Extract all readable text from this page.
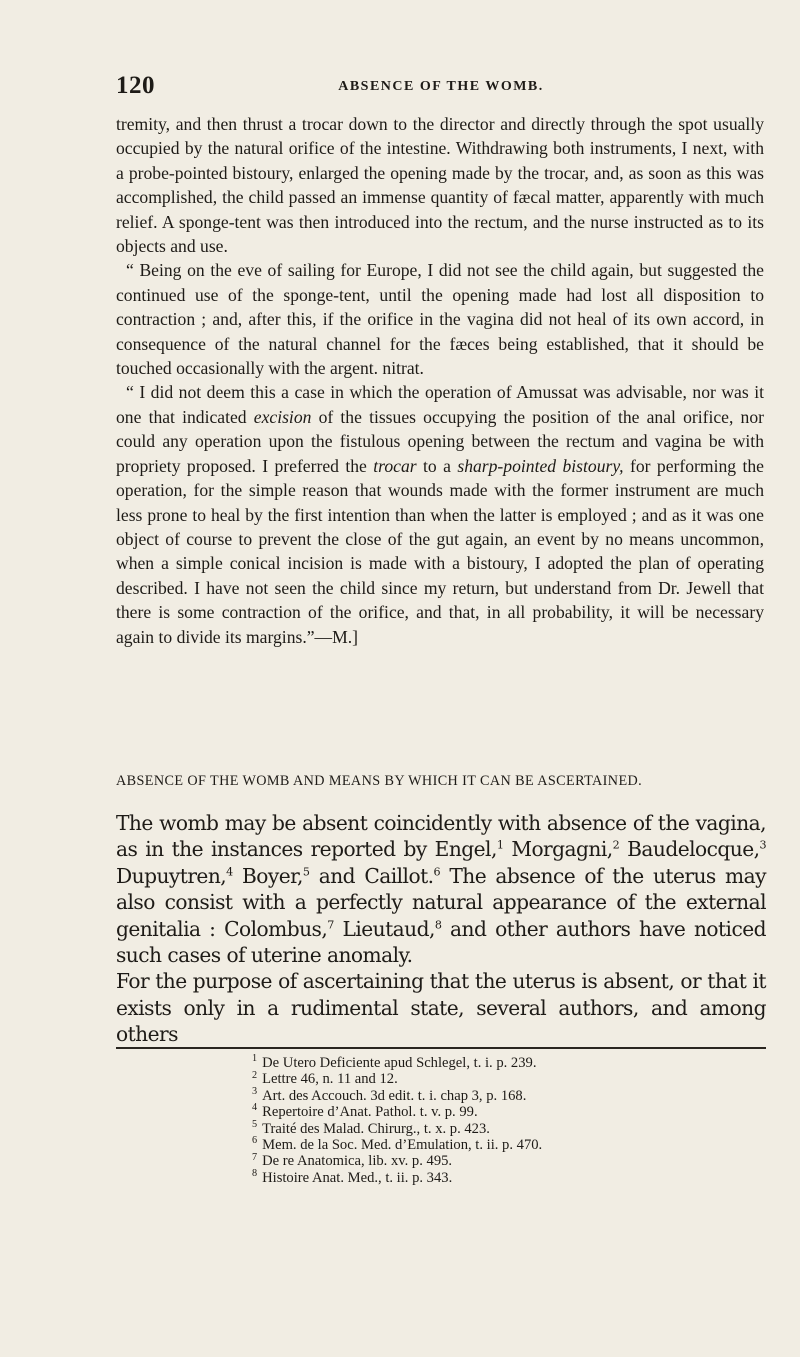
120	ABSENCE OF THE WOMB.

tremity, and then thrust a trocar down to the director and directly through the spot usually occupied by the natural orifice of the intestine. Withdrawing both instruments, I next, with a probe-pointed bistoury, enlarged the opening made by the trocar, and, as soon as this was accomplished, the child passed an immense quantity of fæcal matter, apparently with much relief. A sponge-tent was then introduced into the rectum, and the nurse instructed as to its objects and use.

“ Being on the eve of sailing for Europe, I did not see the child again, but suggested the continued use of the sponge-tent, until the opening made had lost all disposition to contraction ; and, after this, if the orifice in the vagina did not heal of its own accord, in consequence of the natural channel for the fæces being established, that it should be touched occasionally with the argent. nitrat.

“ I did not deem this a case in which the operation of Amussat was advisable, nor was it one that indicated excision of the tissues occupying the position of the anal orifice, nor could any operation upon the fistulous opening between the rectum and vagina be with propriety proposed. I preferred the trocar to a sharp-pointed bistoury, for performing the operation, for the simple reason that wounds made with the former instrument are much less prone to heal by the first intention than when the latter is employed ; and as it was one object of course to prevent the close of the gut again, an event by no means uncommon, when a simple conical incision is made with a bistoury, I adopted the plan of operating described. I have not seen the child since my return, but understand from Dr. Jewell that there is some contraction of the orifice, and that, in all probability, it will be necessary again to divide its margins.”—M.]

ABSENCE OF THE WOMB AND MEANS BY WHICH IT CAN BE ASCERTAINED.

The womb may be absent coincidently with absence of the vagina, as in the instances reported by Engel,$^1$ Morgagni,$^2$ Baudelocque,$^3$ Dupuytren,$^4$ Boyer,$^5$ and Caillot.$^6$ The absence of the uterus may also consist with a perfectly natural appearance of the external genitalia : Colombus,$^7$ Lieutaud,$^8$ and other authors have noticed such cases of uterine anomaly.

For the purpose of ascertaining that the uterus is absent, or that it exists only in a rudimental state, several authors, and among others

$^1$ De Utero Deficiente apud Schlegel, t. i. p. 239.
$^2$ Lettre 46, n. 11 and 12.
$^3$ Art. des Accouch. 3d edit. t. i. chap 3, p. 168.
$^4$ Repertoire d’Anat. Pathol. t. v. p. 99.
$^5$ Traité des Malad. Chirurg., t. x. p. 423.
$^6$ Mem. de la Soc. Med. d’Emulation, t. ii. p. 470.
$^7$ De re Anatomica, lib. xv. p. 495.
$^8$ Histoire Anat. Med., t. ii. p. 343.
